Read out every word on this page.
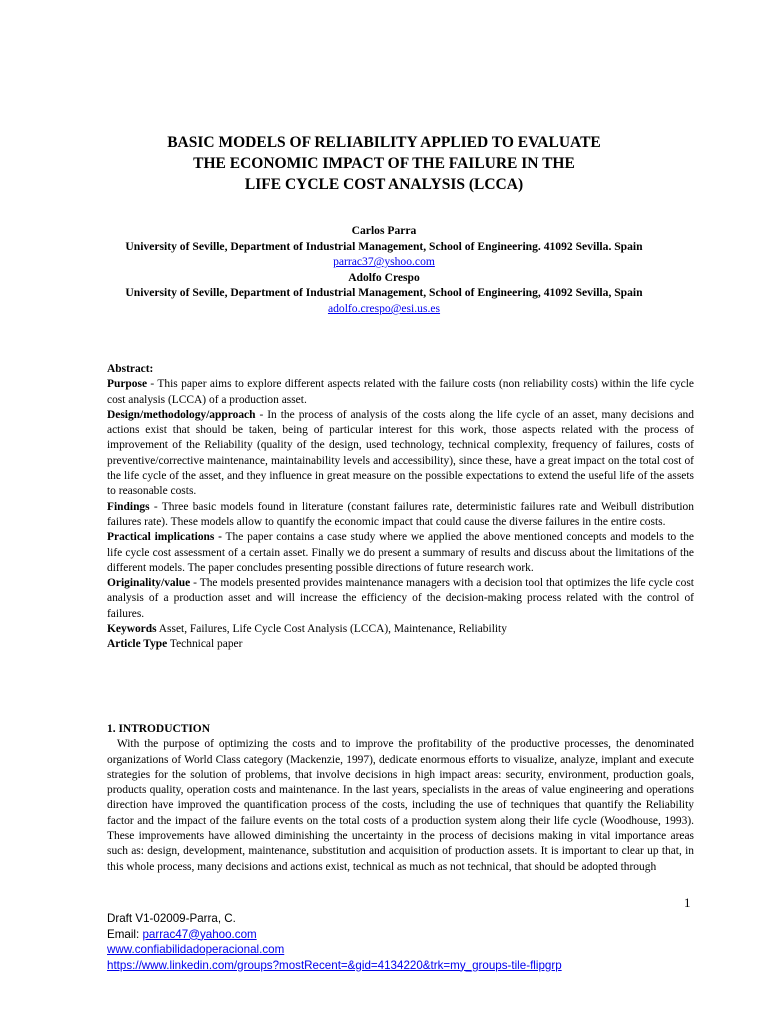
BASIC MODELS OF RELIABILITY APPLIED TO EVALUATE
THE ECONOMIC IMPACT OF THE FAILURE IN THE
LIFE CYCLE COST ANALYSIS (LCCA)
Carlos Parra
University of Seville, Department of Industrial Management, School of Engineering. 41092 Sevilla. Spain
parrac37@yshoo.com
Adolfo Crespo
University of Seville, Department of Industrial Management, School of Engineering, 41092 Sevilla, Spain
adolfo.crespo@esi.us.es

Abstract:

Purpose - This paper aims to explore different aspects related with the failure costs (non reliability costs) within the life cycle cost analysis (LCCA) of a production asset.

Design/methodology/approach - In the process of analysis of the costs along the life cycle of an asset, many decisions and actions exist that should be taken, being of particular interest for this work, those aspects related with the process of improvement of the Reliability (quality of the design, used technology, technical complexity, frequency of failures, costs of preventive/corrective maintenance, maintainability levels and accessibility), since these, have a great impact on the total cost of the life cycle of the asset, and they influence in great measure on the possible expectations to extend the useful life of the assets to reasonable costs.

Findings - Three basic models found in literature (constant failures rate, deterministic failures rate and Weibull distribution failures rate). These models allow to quantify the economic impact that could cause the diverse failures in the entire costs.

Practical implications - The paper contains a case study where we applied the above mentioned concepts and models to the life cycle cost assessment of a certain asset. Finally we do present a summary of results and discuss about the limitations of the different models. The paper concludes presenting possible directions of future research work.

Originality/value - The models presented provides maintenance managers with a decision tool that optimizes the life cycle cost analysis of a production asset and will increase the efficiency of the decision-making process related with the control of failures.

Keywords Asset, Failures, Life Cycle Cost Analysis (LCCA), Maintenance, Reliability

Article Type Technical paper

1. INTRODUCTION

With the purpose of optimizing the costs and to improve the profitability of the productive processes, the denominated organizations of World Class category (Mackenzie, 1997), dedicate enormous efforts to visualize, analyze, implant and execute strategies for the solution of problems, that involve decisions in high impact areas: security, environment, production goals, products quality, operation costs and maintenance. In the last years, specialists in the areas of value engineering and operations direction have improved the quantification process of the costs, including the use of techniques that quantify the Reliability factor and the impact of the failure events on the total costs of a production system along their life cycle (Woodhouse, 1993). These improvements have allowed diminishing the uncertainty in the process of decisions making in vital importance areas such as: design, development, maintenance, substitution and acquisition of production assets. It is important to clear up that, in this whole process, many decisions and actions exist, technical as much as not technical, that should be adopted through

1
Draft V1-02009-Parra, C.
Email: parrac47@yahoo.com
www.confiabilidadoperacional.com
https://www.linkedin.com/groups?mostRecent=&gid=4134220&trk=my_groups-tile-flipgrp
